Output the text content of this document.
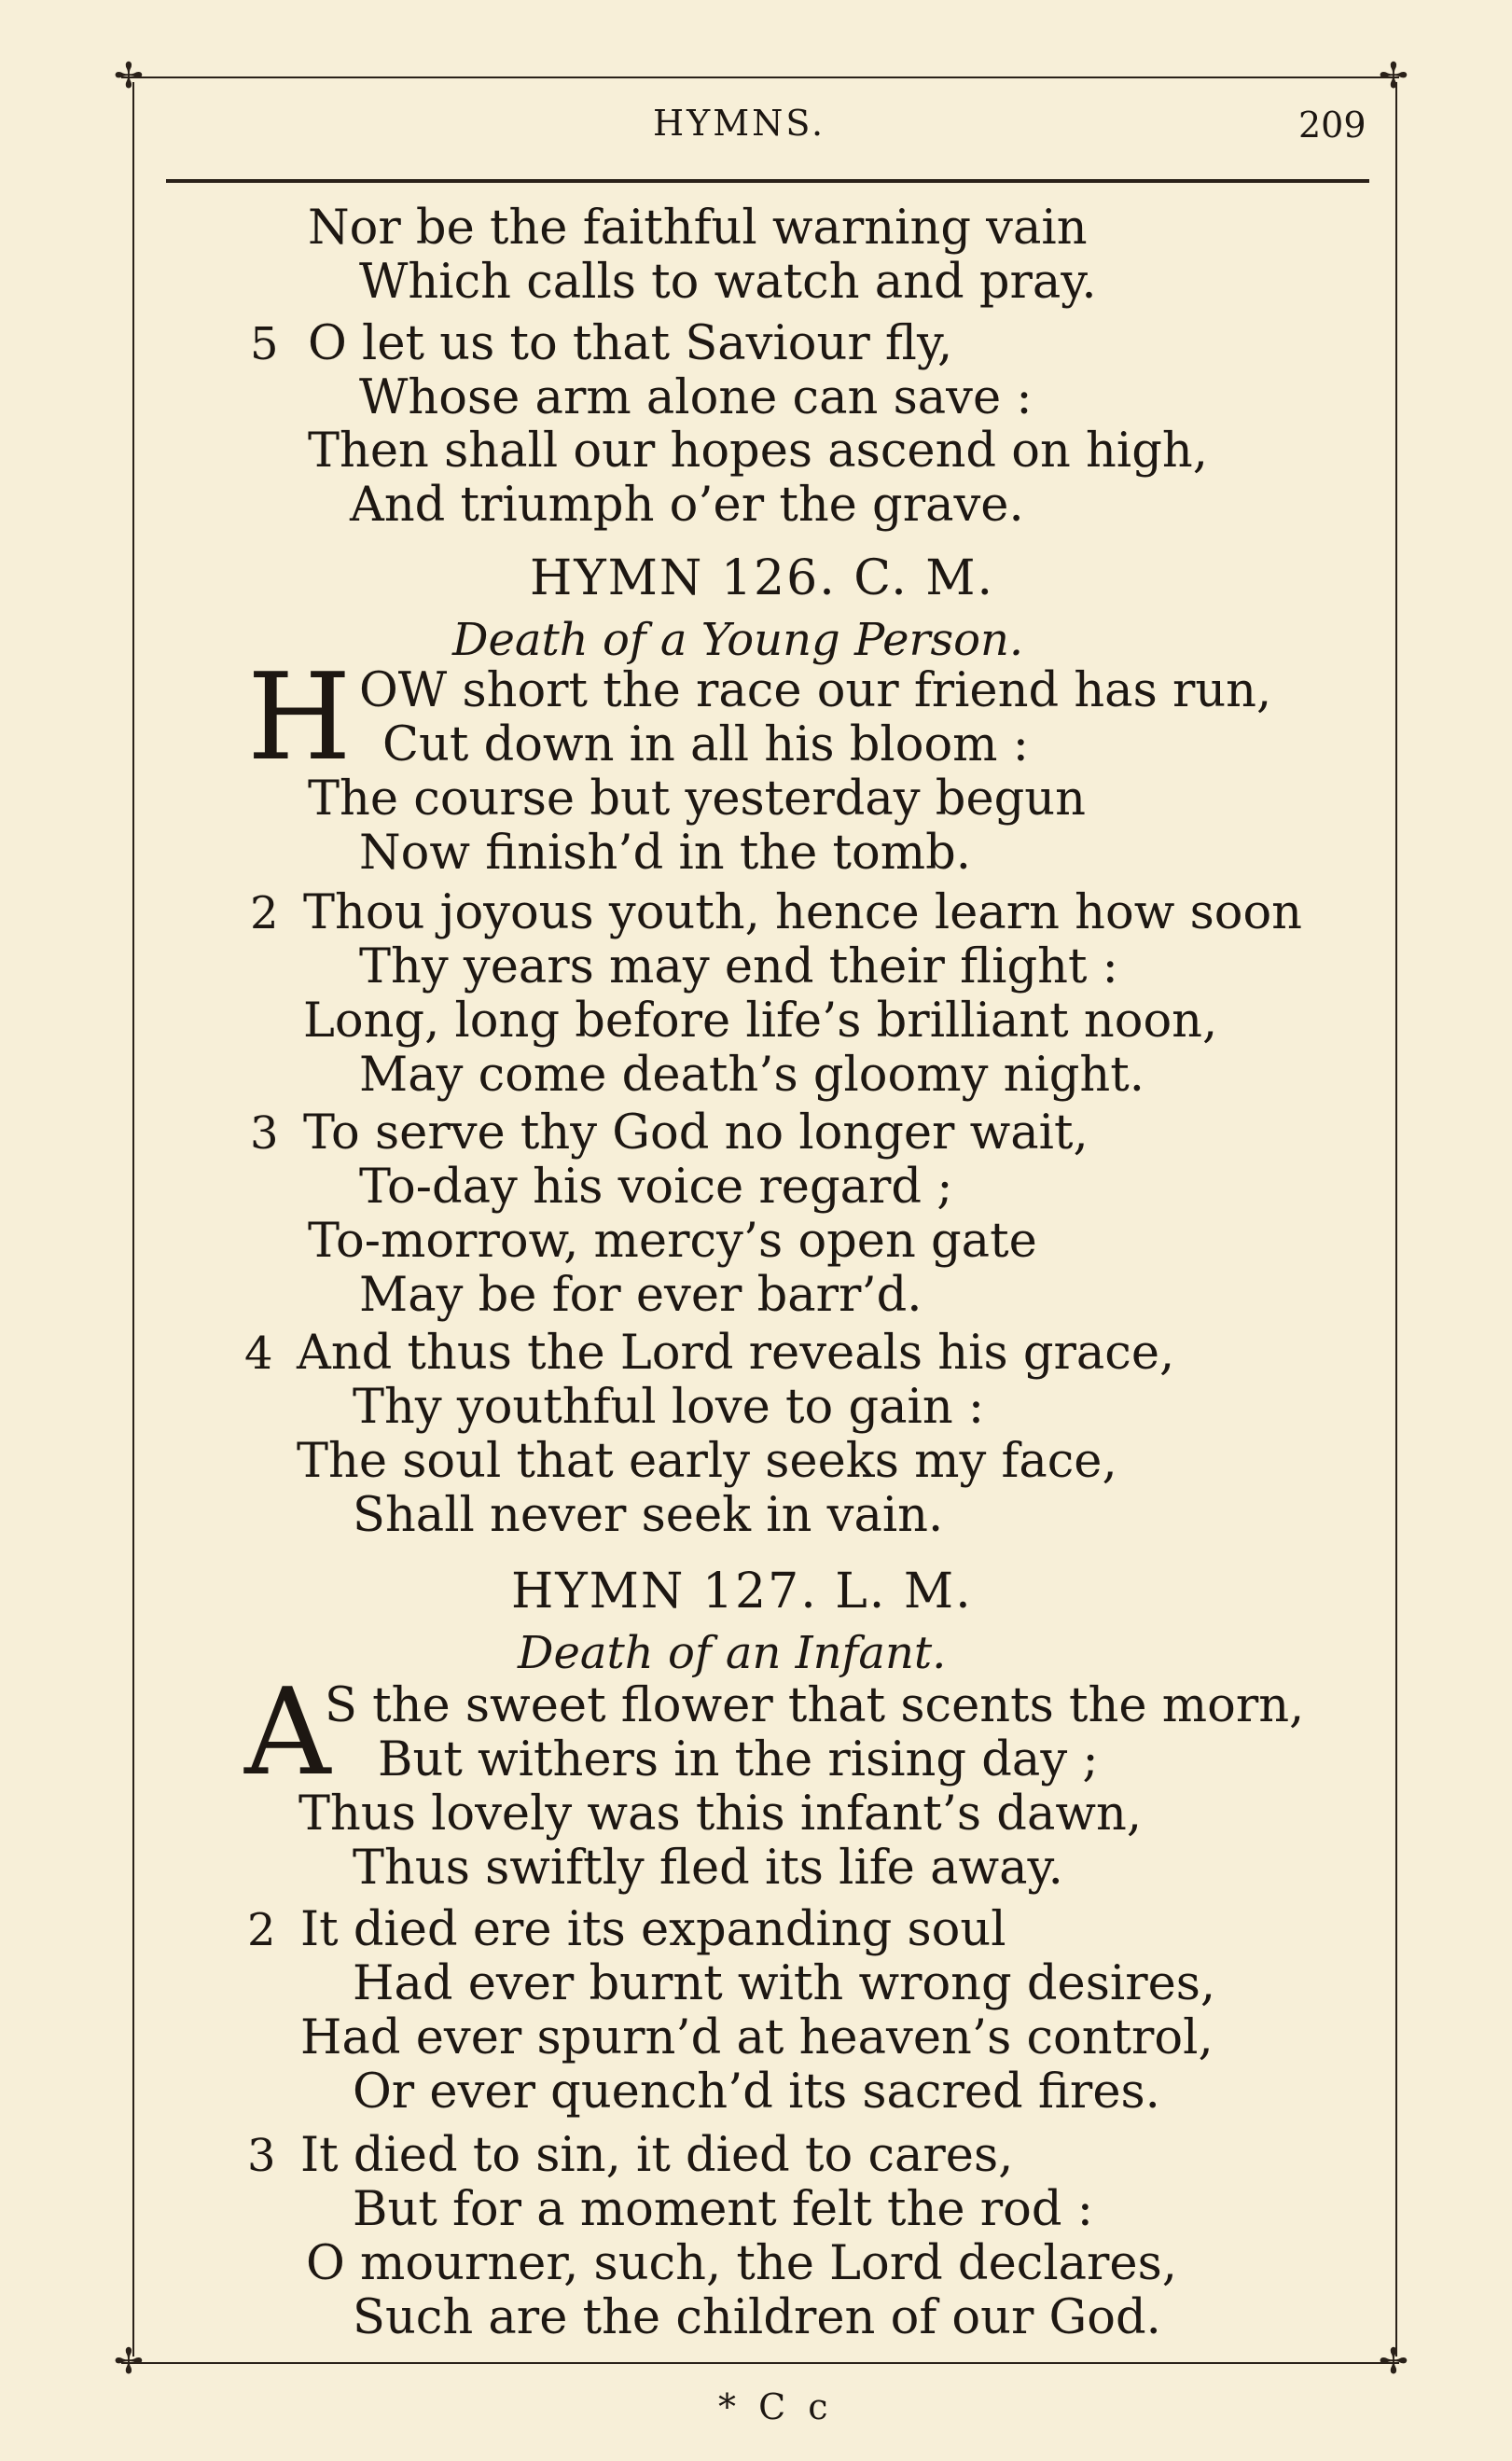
✢	✢
✢	✢
HYMNS.	209
Nor be the faithful warning vain
Which calls to watch and pray.
5 O let us to that Saviour fly,
Whose arm alone can save :
Then shall our hopes ascend on high,
And triumph o’er the grave.
HYMN 126. C. M.
Death of a Young Person.
H OW short the race our friend has run,
Cut down in all his bloom :
The course but yesterday begun
Now finish’d in the tomb.
2 Thou joyous youth, hence learn how soon
Thy years may end their flight :
Long, long before life’s brilliant noon,
May come death’s gloomy night.
3 To serve thy God no longer wait,
To-day his voice regard ;
To-morrow, mercy’s open gate
May be for ever barr’d.
4 And thus the Lord reveals his grace,
Thy youthful love to gain :
The soul that early seeks my face,
Shall never seek in vain.
HYMN 127. L. M.
Death of an Infant.
A
S the sweet flower that scents the morn,
But withers in the rising day ;
Thus lovely was this infant’s dawn,
Thus swiftly fled its life away.
2 It died ere its expanding soul
Had ever burnt with wrong desires,
Had ever spurn’d at heaven’s control,
Or ever quench’d its sacred fires.
3 It died to sin, it died to cares,
But for a moment felt the rod :
O mourner, such, the Lord declares,
Such are the children of our God.
* C c
